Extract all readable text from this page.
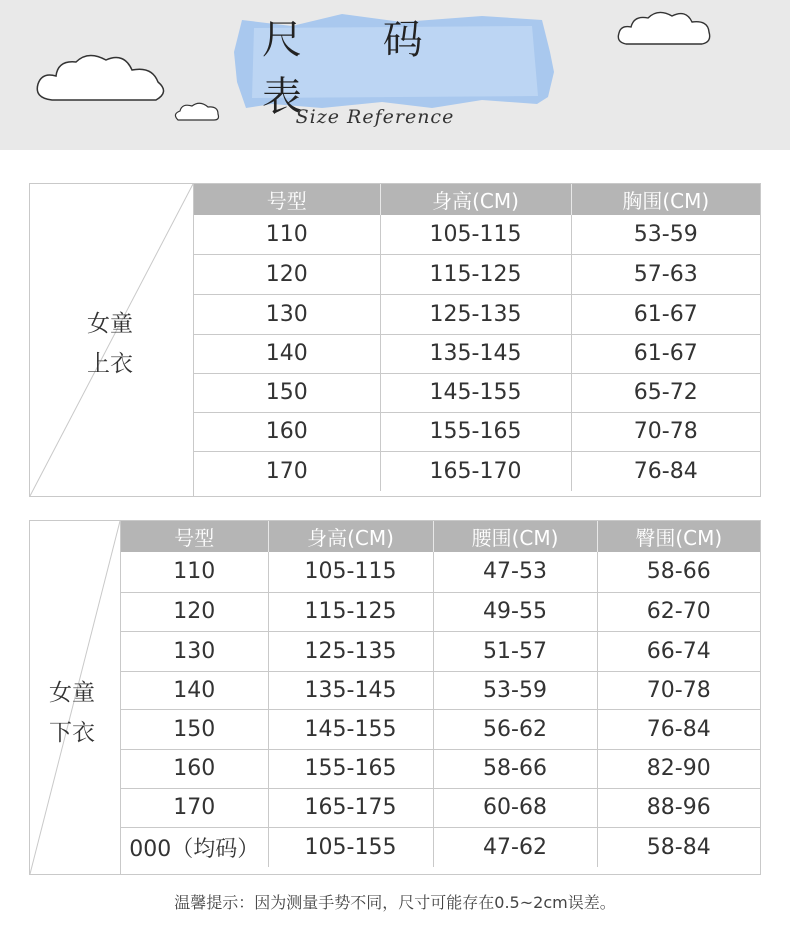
尺 码 表
Size Reference
女童
上衣
号型	身高(CM)	胸围(CM)
110	105-115	53-59
120	115-125	57-63
130	125-135	61-67
140	135-145	61-67
150	145-155	65-72
160	155-165	70-78
170	165-170	76-84
女童
下衣
号型	身高(CM)	腰围(CM)	臀围(CM)
110	105-115	47-53	58-66
120	115-125	49-55	62-70
130	125-135	51-57	66-74
140	135-145	53-59	70-78
150	145-155	56-62	76-84
160	155-165	58-66	82-90
170	165-175	60-68	88-96
000（均码）	105-155	47-62	58-84
温馨提示：因为测量手势不同，尺寸可能存在0.5~2cm误差。
